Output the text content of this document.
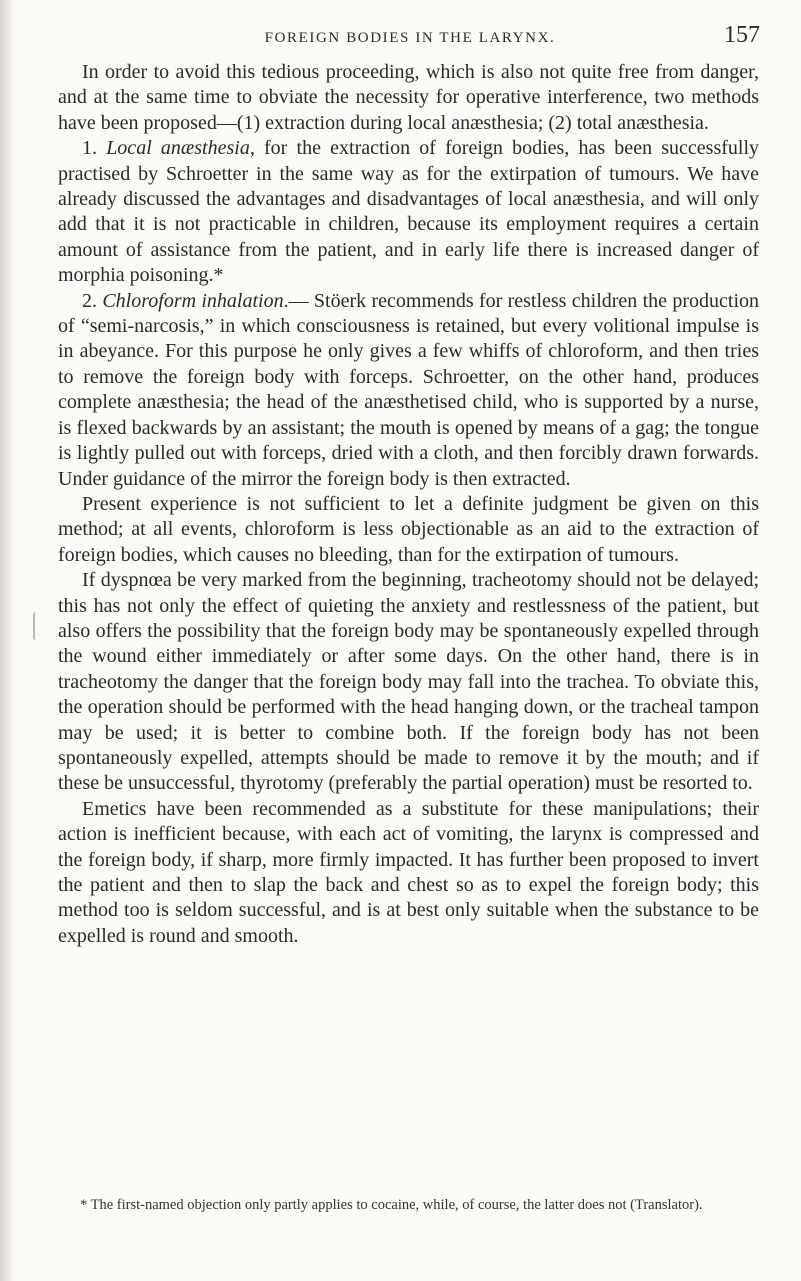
FOREIGN BODIES IN THE LARYNX.	157

In order to avoid this tedious proceeding, which is also not quite free from danger, and at the same time to obviate the necessity for operative interference, two methods have been proposed—(1) extraction during local anæsthesia; (2) total anæsthesia.

1. Local anæsthesia, for the extraction of foreign bodies, has been successfully practised by Schroetter in the same way as for the extirpation of tumours. We have already discussed the advantages and disadvantages of local anæsthesia, and will only add that it is not practicable in children, because its employment requires a certain amount of assistance from the patient, and in early life there is increased danger of morphia poisoning.*

2. Chloroform inhalation.— Stöerk recommends for restless children the production of “semi-narcosis,” in which consciousness is retained, but every volitional impulse is in abeyance. For this purpose he only gives a few whiffs of chloroform, and then tries to remove the foreign body with forceps. Schroetter, on the other hand, produces complete anæsthesia; the head of the anæsthetised child, who is supported by a nurse, is flexed backwards by an assistant; the mouth is opened by means of a gag; the tongue is lightly pulled out with forceps, dried with a cloth, and then forcibly drawn forwards. Under guidance of the mirror the foreign body is then extracted.

Present experience is not sufficient to let a definite judgment be given on this method; at all events, chloroform is less objectionable as an aid to the extraction of foreign bodies, which causes no bleeding, than for the extirpation of tumours.

If dyspnœa be very marked from the beginning, tracheotomy should not be delayed; this has not only the effect of quieting the anxiety and restlessness of the patient, but also offers the possibility that the foreign body may be spontaneously expelled through the wound either immediately or after some days. On the other hand, there is in tracheotomy the danger that the foreign body may fall into the trachea. To obviate this, the operation should be performed with the head hanging down, or the tracheal tampon may be used; it is better to combine both. If the foreign body has not been spontaneously expelled, attempts should be made to remove it by the mouth; and if these be unsuccessful, thyrotomy (preferably the partial operation) must be resorted to.

Emetics have been recommended as a substitute for these manipulations; their action is inefficient because, with each act of vomiting, the larynx is compressed and the foreign body, if sharp, more firmly impacted. It has further been proposed to invert the patient and then to slap the back and chest so as to expel the foreign body; this method too is seldom successful, and is at best only suitable when the substance to be expelled is round and smooth.

* The first-named objection only partly applies to cocaine, while, of course, the latter does not (Translator).
